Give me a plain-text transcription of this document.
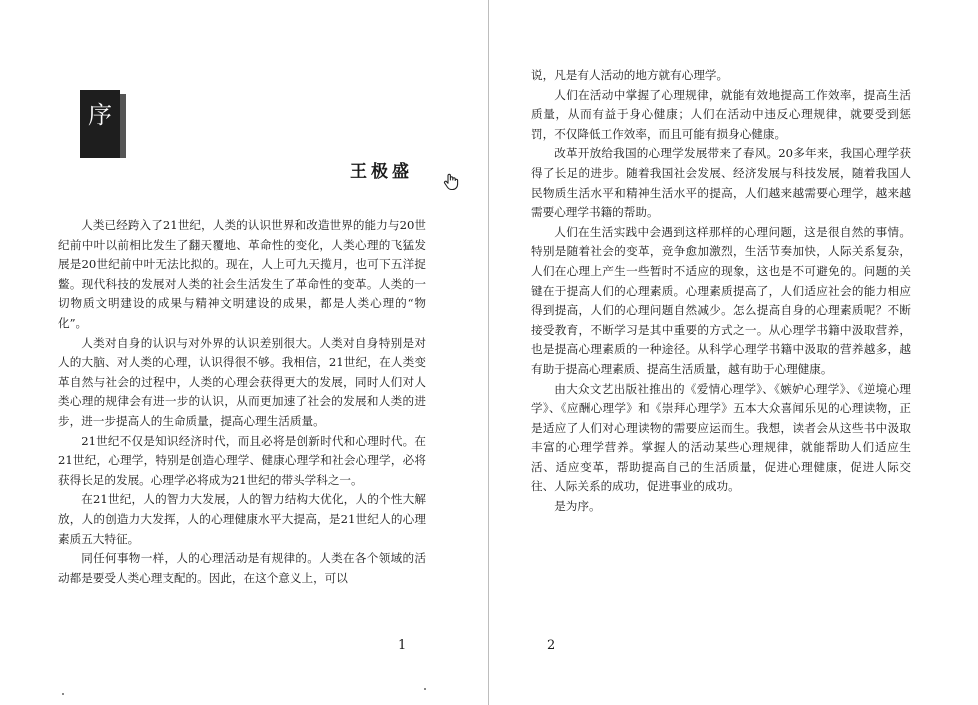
序
王极盛

人类已经跨入了21世纪，人类的认识世界和改造世界的能力与20世纪前中叶以前相比发生了翻天覆地、革命性的变化，人类心理的飞猛发展是20世纪前中叶无法比拟的。现在，人上可九天揽月，也可下五洋捉鳖。现代科技的发展对人类的社会生活发生了革命性的变革。人类的一切物质文明建设的成果与精神文明建设的成果，都是人类心理的“物化”。

人类对自身的认识与对外界的认识差别很大。人类对自身特别是对人的大脑、对人类的心理，认识得很不够。我相信，21世纪，在人类变革自然与社会的过程中，人类的心理会获得更大的发展，同时人们对人类心理的规律会有进一步的认识，从而更加速了社会的发展和人类的进步，进一步提高人的生命质量，提高心理生活质量。

21世纪不仅是知识经济时代，而且必将是创新时代和心理时代。在21世纪，心理学，特别是创造心理学、健康心理学和社会心理学，必将获得长足的发展。心理学必将成为21世纪的带头学科之一。

在21世纪，人的智力大发展，人的智力结构大优化，人的个性大解放，人的创造力大发挥，人的心理健康水平大提高，是21世纪人的心理素质五大特征。

同任何事物一样，人的心理活动是有规律的。人类在各个领域的活动都是要受人类心理支配的。因此，在这个意义上，可以

1

说，凡是有人活动的地方就有心理学。

人们在活动中掌握了心理规律，就能有效地提高工作效率，提高生活质量，从而有益于身心健康；人们在活动中违反心理规律，就要受到惩罚，不仅降低工作效率，而且可能有损身心健康。

改革开放给我国的心理学发展带来了春风。20多年来，我国心理学获得了长足的进步。随着我国社会发展、经济发展与科技发展，随着我国人民物质生活水平和精神生活水平的提高，人们越来越需要心理学，越来越需要心理学书籍的帮助。

人们在生活实践中会遇到这样那样的心理问题，这是很自然的事情。特别是随着社会的变革，竞争愈加激烈，生活节奏加快，人际关系复杂，人们在心理上产生一些暂时不适应的现象，这也是不可避免的。问题的关键在于提高人们的心理素质。心理素质提高了，人们适应社会的能力相应得到提高，人们的心理问题自然减少。怎么提高自身的心理素质呢？不断接受教育，不断学习是其中重要的方式之一。从心理学书籍中汲取营养，也是提高心理素质的一种途径。从科学心理学书籍中汲取的营养越多，越有助于提高心理素质、提高生活质量，越有助于心理健康。

由大众文艺出版社推出的《爱情心理学》、《嫉妒心理学》、《逆境心理学》、《应酬心理学》和《崇拜心理学》五本大众喜闻乐见的心理读物，正是适应了人们对心理读物的需要应运而生。我想，读者会从这些书中汲取丰富的心理学营养。掌握人的活动某些心理规律，就能帮助人们适应生活、适应变革，帮助提高自己的生活质量，促进心理健康，促进人际交往、人际关系的成功，促进事业的成功。

是为序。

2
